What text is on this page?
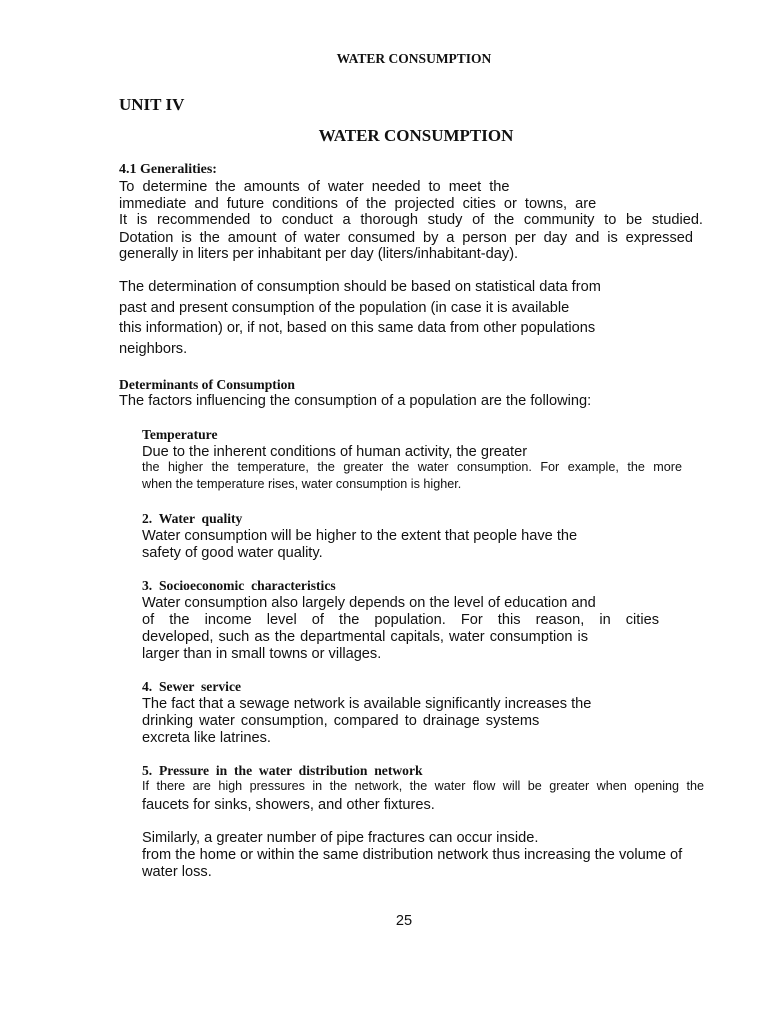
WATER CONSUMPTION
UNIT IV
WATER CONSUMPTION
4.1 Generalities:
To determine the amounts of water needed to meet the
immediate and future conditions of the projected cities or towns, are
It is recommended to conduct a thorough study of the community to be studied.
Dotation is the amount of water consumed by a person per day and is expressed
generally in liters per inhabitant per day (liters/inhabitant-day).
The determination of consumption should be based on statistical data from
past and present consumption of the population (in case it is available
this information) or, if not, based on this same data from other populations
neighbors.
Determinants of Consumption
The factors influencing the consumption of a population are the following:
Temperature
Due to the inherent conditions of human activity, the greater
the higher the temperature, the greater the water consumption. For example, the more
when the temperature rises, water consumption is higher.
2.  Water  quality
Water consumption will be higher to the extent that people have the
safety of good water quality.
3.  Socioeconomic  characteristics
Water consumption also largely depends on the level of education and
of the income level of the population. For this reason, in cities
developed, such as the departmental capitals, water consumption is
larger than in small towns or villages.
4.  Sewer  service
The fact that a sewage network is available significantly increases the
drinking water consumption, compared to drainage systems
excreta like latrines.
5.  Pressure  in  the  water  distribution  network
If there are high pressures in the network, the water flow will be greater when opening the
faucets for sinks, showers, and other fixtures.
Similarly, a greater number of pipe fractures can occur inside.
from the home or within the same distribution network thus increasing the volume of
water loss.
25
